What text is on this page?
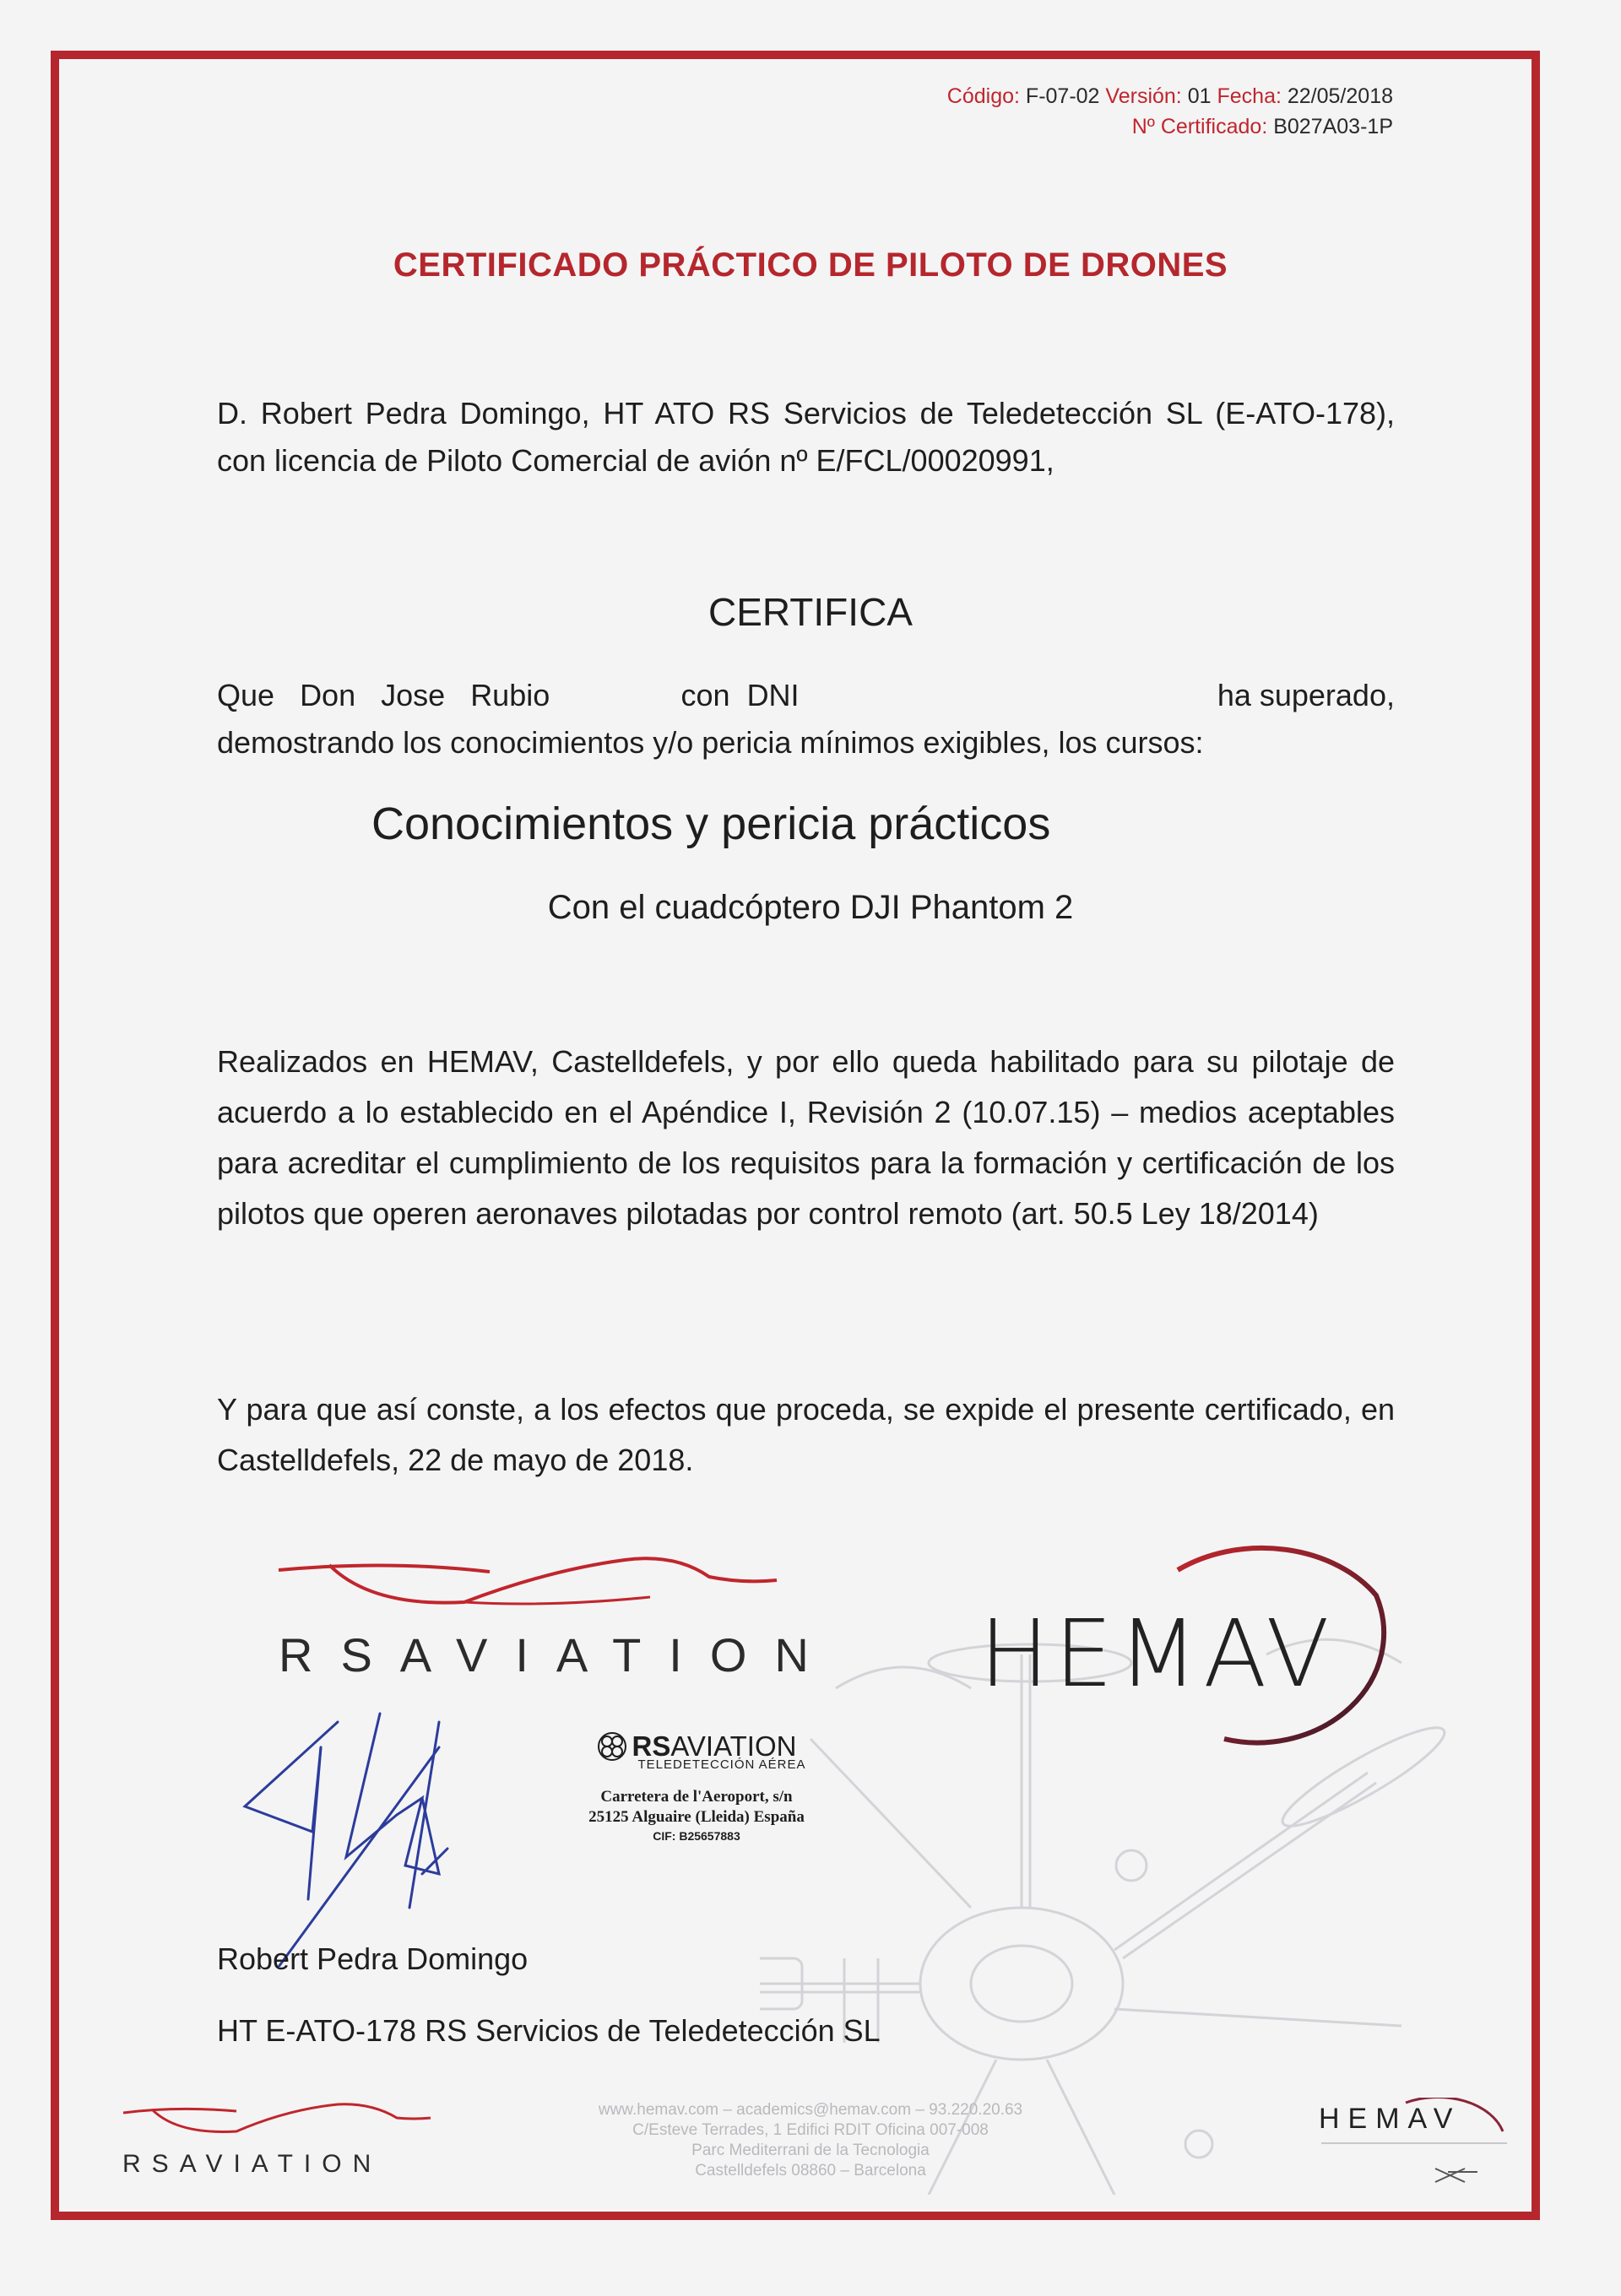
Código: F-07-02 Versión: 01 Fecha: 22/05/2018
Nº Certificado: B027A03-1P
CERTIFICADO PRÁCTICO DE PILOTO DE DRONES
D. Robert Pedra Domingo, HT ATO RS Servicios de Teledetección SL (E-ATO-178), con licencia de Piloto Comercial de avión nº E/FCL/00020991,
CERTIFICA
Que Don Jose Rubio	con DNI	ha superado,
demostrando los conocimientos y/o pericia mínimos exigibles, los cursos:
Conocimientos y pericia prácticos
Con el cuadcóptero DJI Phantom 2
Realizados en HEMAV, Castelldefels, y por ello queda habilitado para su pilotaje de acuerdo a lo establecido en el Apéndice I, Revisión 2 (10.07.15) – medios aceptables para acreditar el cumplimiento de los requisitos para la formación y certificación de los pilotos que operen aeronaves pilotadas por control remoto (art. 50.5 Ley 18/2014)
Y para que así conste, a los efectos que proceda, se expide el presente certificado, en Castelldefels, 22 de mayo de 2018.
RSAVIATION HEMAV
RSAVIATION
TELEDETECCIÓN AÉREA
Carretera de l'Aeroport, s/n
25125 Alguaire (Lleida) España
CIF: B25657883
Robert Pedra Domingo
HT E-ATO-178 RS Servicios de Teledetección SL
RSAVIATION
www.hemav.com – academics@hemav.com – 93.220.20.63
C/Esteve Terrades, 1 Edifici RDIT Oficina 007-008
Parc Mediterrani de la Tecnologia
Castelldefels 08860 – Barcelona
HEMAV
